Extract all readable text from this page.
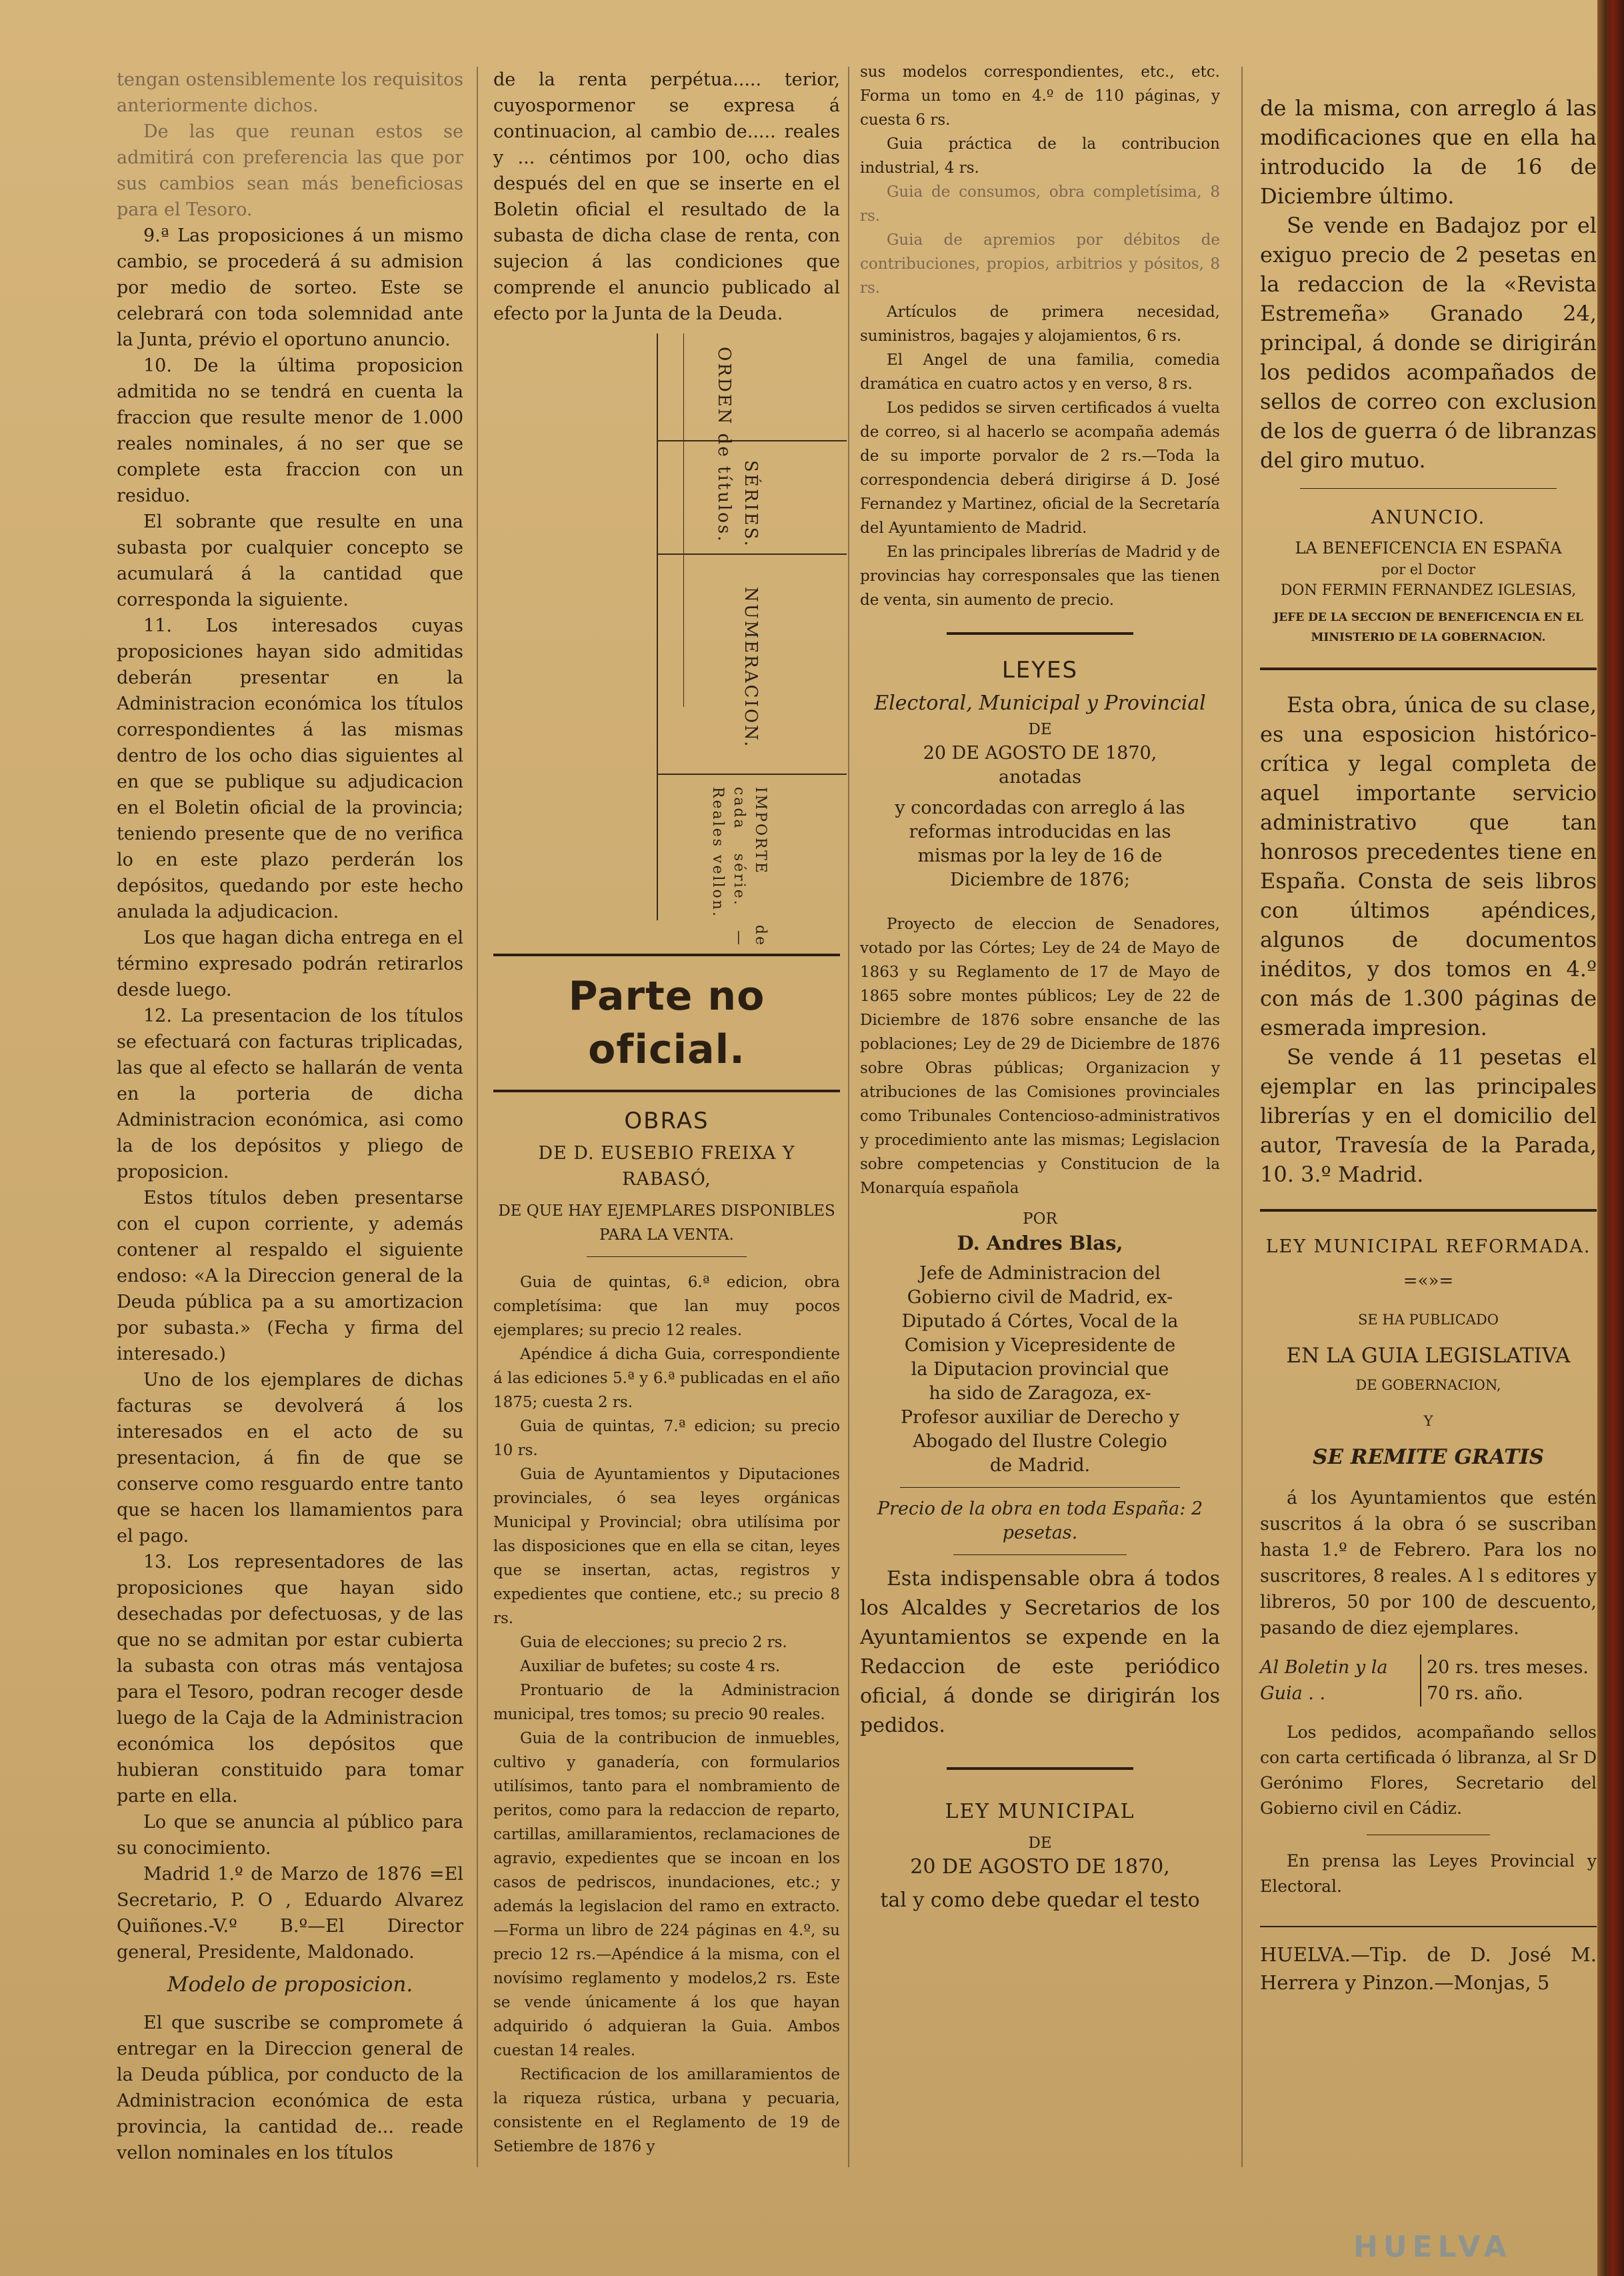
tengan ostensiblemente los requisitos anteriormente dichos.

De las que reunan estos se admitirá con preferencia las que por sus cambios sean más beneficiosas para el Tesoro.

9.ª Las proposiciones á un mismo cambio, se procederá á su admision por medio de sorteo. Este se celebrará con toda solemnidad ante la Junta, prévio el oportuno anuncio.

10. De la última proposicion admitida no se tendrá en cuenta la fraccion que resulte menor de 1.000 reales nominales, á no ser que se complete esta fraccion con un residuo.

El sobrante que resulte en una subasta por cualquier concepto se acumulará á la cantidad que corresponda la siguiente.

11. Los interesados cuyas proposiciones hayan sido admitidas deberán presentar en la Administracion económica los títulos correspondientes á las mismas dentro de los ocho dias siguientes al en que se publique su adjudicacion en el Boletin oficial de la provincia; teniendo presente que de no verifica lo en este plazo perderán los depósitos, quedando por este hecho anulada la adjudicacion.

Los que hagan dicha entrega en el término expresado podrán retirarlos desde luego.

12. La presentacion de los títulos se efectuará con facturas triplicadas, las que al efecto se hallarán de venta en la porteria de dicha Administracion económica, asi como la de los depósitos y pliego de proposicion.

Estos títulos deben presentarse con el cupon corriente, y además contener al respaldo el siguiente endoso: «A la Direccion general de la Deuda pública pa a su amortizacion por subasta.» (Fecha y firma del interesado.)

Uno de los ejemplares de dichas facturas se devolverá á los interesados en el acto de su presentacion, á fin de que se conserve como resguardo entre tanto que se hacen los llamamientos para el pago.

13. Los representadores de las proposiciones que hayan sido desechadas por defectuosas, y de las que no se admitan por estar cubierta la subasta con otras más ventajosa para el Tesoro, podran recoger desde luego de la Caja de la Administracion económica los depósitos que hubieran constituido para tomar parte en ella.

Lo que se anuncia al público para su conocimiento.

Madrid 1.º de Marzo de 1876 =El Secretario, P. O , Eduardo Alvarez Quiñones.-V.º B.º—El Director general, Presidente, Maldonado.

Modelo de proposicion.

El que suscribe se compromete á entregar en la Direccion general de la Deuda pública, por conducto de la Administracion económica de esta provincia, la cantidad de... reade vellon nominales en los títulos

de la renta perpétua..... terior, cuyospormenor se expresa á continuacion, al cambio de..... reales y ... céntimos por 100, ocho dias después del en que se inserte en el Boletin oficial el resultado de la subasta de dicha clase de renta, con sujecion á las condiciones que comprende el anuncio publicado al efecto por la Junta de la Deuda.

ORDEN de títulos. SÉRIES.
NUMERACION.
IMPORTE de cada série. — Reales vellon.
Parte no oficial.
OBRAS

DE D. EUSEBIO FREIXA Y RABASÓ,

DE QUE HAY EJEMPLARES DISPONIBLES PARA LA VENTA.

Guia de quintas, 6.ª edicion, obra completísima: que lan muy pocos ejemplares; su precio 12 reales.

Apéndice á dicha Guia, correspondiente á las ediciones 5.ª y 6.ª publicadas en el año 1875; cuesta 2 rs.

Guia de quintas, 7.ª edicion; su precio 10 rs.

Guia de Ayuntamientos y Diputaciones provinciales, ó sea leyes orgánicas Municipal y Provincial; obra utilísima por las disposiciones que en ella se citan, leyes que se insertan, actas, registros y expedientes que contiene, etc.; su precio 8 rs.

Guia de elecciones; su precio 2 rs.

Auxiliar de bufetes; su coste 4 rs.

Prontuario de la Administracion municipal, tres tomos; su precio 90 reales.

Guia de la contribucion de inmuebles, cultivo y ganadería, con formularios utilísimos, tanto para el nombramiento de peritos, como para la redaccion de reparto, cartillas, amillaramientos, reclamaciones de agravio, expedientes que se incoan en los casos de pedriscos, inundaciones, etc.; y además la legislacion del ramo en extracto.—Forma un libro de 224 páginas en 4.º, su precio 12 rs.—Apéndice á la misma, con el novísimo reglamento y modelos,2 rs. Este se vende únicamente á los que hayan adquirido ó adquieran la Guia. Ambos cuestan 14 reales.

Rectificacion de los amillaramientos de la riqueza rústica, urbana y pecuaria, consistente en el Reglamento de 19 de Setiembre de 1876 y

sus modelos correspondientes, etc., etc. Forma un tomo en 4.º de 110 páginas, y cuesta 6 rs.

Guia práctica de la contribucion industrial, 4 rs.

Guia de consumos, obra completísima, 8 rs.

Guia de apremios por débitos de contribuciones, propios, arbitrios y pósitos, 8 rs.

Artículos de primera necesidad, suministros, bagajes y alojamientos, 6 rs.

El Angel de una familia, comedia dramática en cuatro actos y en verso, 8 rs.

Los pedidos se sirven certificados á vuelta de correo, si al hacerlo se acompaña además de su importe porvalor de 2 rs.—Toda la correspondencia deberá dirigirse á D. José Fernandez y Martinez, oficial de la Secretaría del Ayuntamiento de Madrid.

En las principales librerías de Madrid y de provincias hay corresponsales que las tienen de venta, sin aumento de precio.

LEYES

Electoral, Municipal y Provincial

DE

20 DE AGOSTO DE 1870,

anotadas

y concordadas con arreglo á las reformas introducidas en las mismas por la ley de 16 de Diciembre de 1876;

Proyecto de eleccion de Senadores, votado por las Córtes; Ley de 24 de Mayo de 1863 y su Reglamento de 17 de Mayo de 1865 sobre montes públicos; Ley de 22 de Diciembre de 1876 sobre ensanche de las poblaciones; Ley de 29 de Diciembre de 1876 sobre Obras públicas; Organizacion y atribuciones de las Comisiones provinciales como Tribunales Contencioso-administrativos y procedimiento ante las mismas; Legislacion sobre competencias y Constitucion de la Monarquía española

POR

D. Andres Blas,

Jefe de Administracion del Gobierno civil de Madrid, ex-Diputado á Córtes, Vocal de la Comision y Vicepresidente de la Diputacion provincial que ha sido de Zaragoza, ex-Profesor auxiliar de Derecho y Abogado del Ilustre Colegio de Madrid.

Precio de la obra en toda España: 2 pesetas.

Esta indispensable obra á todos los Alcaldes y Secretarios de los Ayuntamientos se expende en la Redaccion de este periódico oficial, á donde se dirigirán los pedidos.

LEY MUNICIPAL

DE

20 DE AGOSTO DE 1870,

tal y como debe quedar el testo

de la misma, con arreglo á las modificaciones que en ella ha introducido la de 16 de Diciembre último.

Se vende en Badajoz por el exiguo precio de 2 pesetas en la redaccion de la «Revista Estremeña» Granado 24, principal, á donde se dirigirán los pedidos acompañados de sellos de correo con exclusion de los de guerra ó de libranzas del giro mutuo.

ANUNCIO.

LA BENEFICENCIA EN ESPAÑA

por el Doctor

DON FERMIN FERNANDEZ IGLESIAS,

JEFE DE LA SECCION DE BENEFICENCIA EN EL MINISTERIO DE LA GOBERNACION.

Esta obra, única de su clase, es una esposicion histórico-crítica y legal completa de aquel importante servicio administrativo que tan honrosos precedentes tiene en España. Consta de seis libros con últimos apéndices, algunos de documentos inéditos, y dos tomos en 4.º con más de 1.300 páginas de esmerada impresion.

Se vende á 11 pesetas el ejemplar en las principales librerías y en el domicilio del autor, Travesía de la Parada, 10. 3.º Madrid.

LEY MUNICIPAL REFORMADA.

=«»=

SE HA PUBLICADO

EN LA GUIA LEGISLATIVA

DE GOBERNACION,

Y

SE REMITE GRATIS

á los Ayuntamientos que estén suscritos á la obra ó se suscriban hasta 1.º de Febrero. Para los no suscritores, 8 reales. A l s editores y libreros, 50 por 100 de descuento, pasando de diez ejemplares.

Al Boletin y la Guia . .

20 rs. tres meses.

70 rs. año.

Los pedidos, acompañando sellos con carta certificada ó libranza, al Sr D Gerónimo Flores, Secretario del Gobierno civil en Cádiz.

En prensa las Leyes Provincial y Electoral.

HUELVA.—Tip. de D. José M. Herrera y Pinzon.—Monjas, 5

HUELVA
